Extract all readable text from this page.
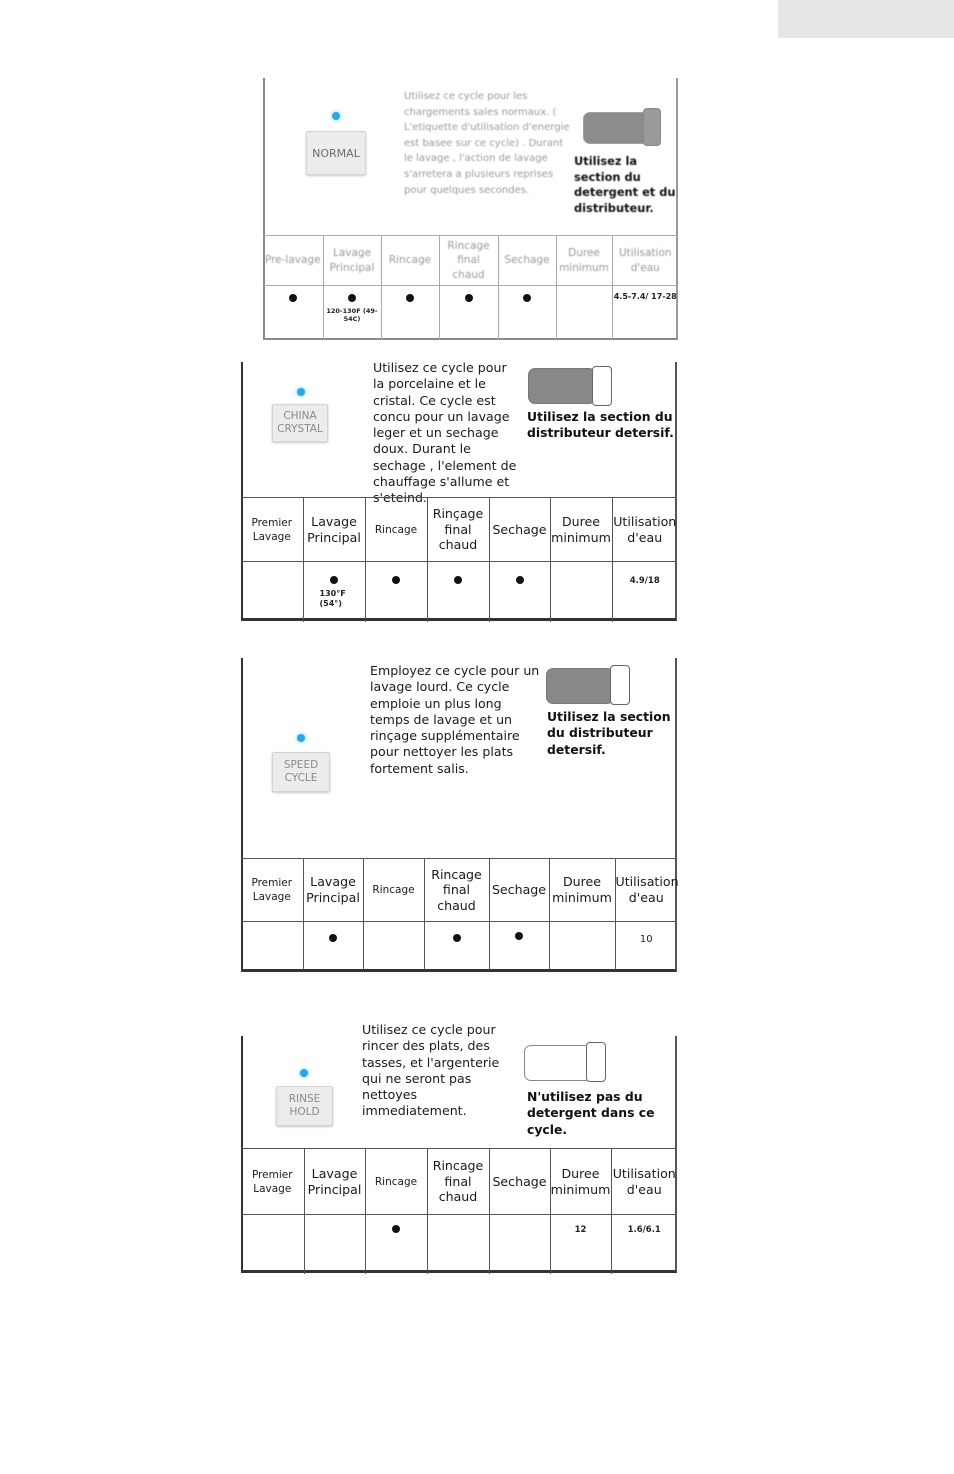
NORMAL

Utilisez ce cycle pour les chargements sales normaux. ( L'etiquette d'utilisation d'energie est basee sur ce cycle) . Durant le lavage , l'action de lavage s'arretera a plusieurs reprises pour quelques secondes.

Utilisez la section du detergent et du distributeur.

Pre-lavage	Lavage Principal	Rincage	Rincage final chaud	Sechage	Duree minimum	Utilisation d'eau

	120-130F (49-54C)					4.5-7.4/ 17-28
CHINA
CRYSTAL

Utilisez ce cycle pour la porcelaine et le cristal. Ce cycle est concu pour un lavage leger et un sechage doux. Durant le sechage , l'element de chauffage s'allume et s'eteind.

Utilisez la section du distributeur detersif.

Premier Lavage	Lavage Principal	Rincage	Rinçage final chaud	Sechage	Duree minimum	Utilisation d'eau

	130°F (54°)					4.9/18
SPEED
CYCLE

Employez ce cycle pour un lavage lourd. Ce cycle emploie un plus long temps de lavage et un rinçage supplémentaire pour nettoyer les plats fortement salis.

Utilisez la section du distributeur detersif.

Premier Lavage	Lavage Principal	Rincage	Rincage final chaud	Sechage	Duree minimum	Utilisation d'eau
						10
RINSE
HOLD

Utilisez ce cycle pour rincer des plats, des tasses, et l'argenterie qui ne seront pas nettoyes immediatement.

N'utilisez pas du detergent dans ce cycle.

Premier Lavage	Lavage Principal	Rincage	Rincage final chaud	Sechage	Duree minimum	Utilisation d'eau
					12	1.6/6.1
